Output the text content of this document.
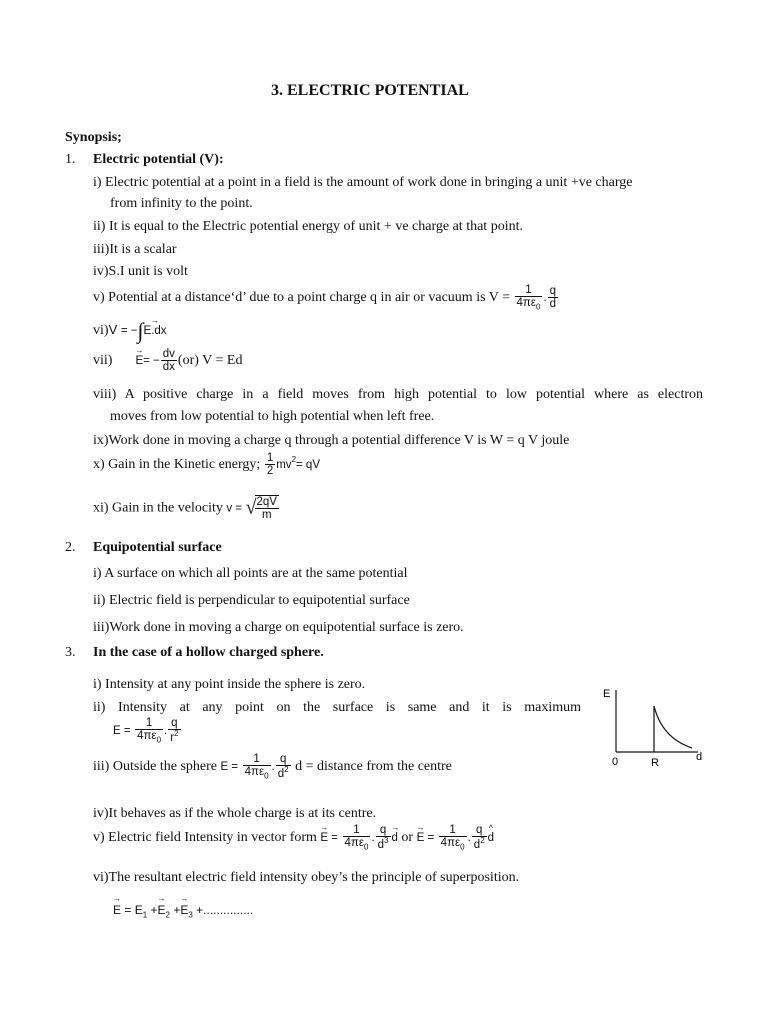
3. ELECTRIC POTENTIAL
Synopsis;
1. Electric potential (V):
i) Electric potential at a point in a field is the amount of work done in bringing a unit +ve charge
from infinity to the point.
ii) It is equal to the Electric potential energy of unit + ve charge at that point.
iii)It is a scalar
iv)S.I unit is volt
v) Potential at a distance‘d’ due to a point charge q in air or vacuum is $V = \frac{1}{4\pi\varepsilon_0}$ . $\frac{q}{d}$
vi)V = −∫→ E.dx
$vii) \to E= - \frac{dv}{dx} (or) V = Ed$
viii) A positive charge in a field moves from high potential to low potential where as electron
moves from low potential to high potential when left free.
ix)Work done in moving a charge q through a potential difference V is W = q V joule
x) Gain in the Kinetic energy; $\frac{1}{2} mv^2=$ qV
xi) Gain in the velocity v = √
$\frac{2qV}{m}$
2. Equipotential surface
i) A surface on which all points are at the same potential
ii) Electric field is perpendicular to equipotential surface
iii)Work done in moving a charge on equipotential surface is zero.
3. In the case of a hollow charged sphere.
i) Intensity at any point inside the sphere is zero.
ii) Intensity at any point on the surface is same and it is maximum
$E = \frac{1}{4\pi\varepsilon_0}$ . $\frac{q}{r^2}$
iii) Outside the sphere $E = \frac{1}{4\pi\varepsilon_0}$ . $\frac{q}{d^2}$ d = distance from the centre
iv)It behaves as if the whole charge is at its centre.
v) Electric field Intensity in vector form → $E = \frac{1}{4\pi\varepsilon_0}$ . $\frac{q}{d^3}$
→ d or → $E = \frac{1}{4\pi\varepsilon_0}$ . $\frac{q}{d^2}$
^ d
vi)The resultant electric field intensity obey’s the principle of superposition.
→ $E = E_1 +\to E_2 +\to E_3$ +...............
E
0	R	d
